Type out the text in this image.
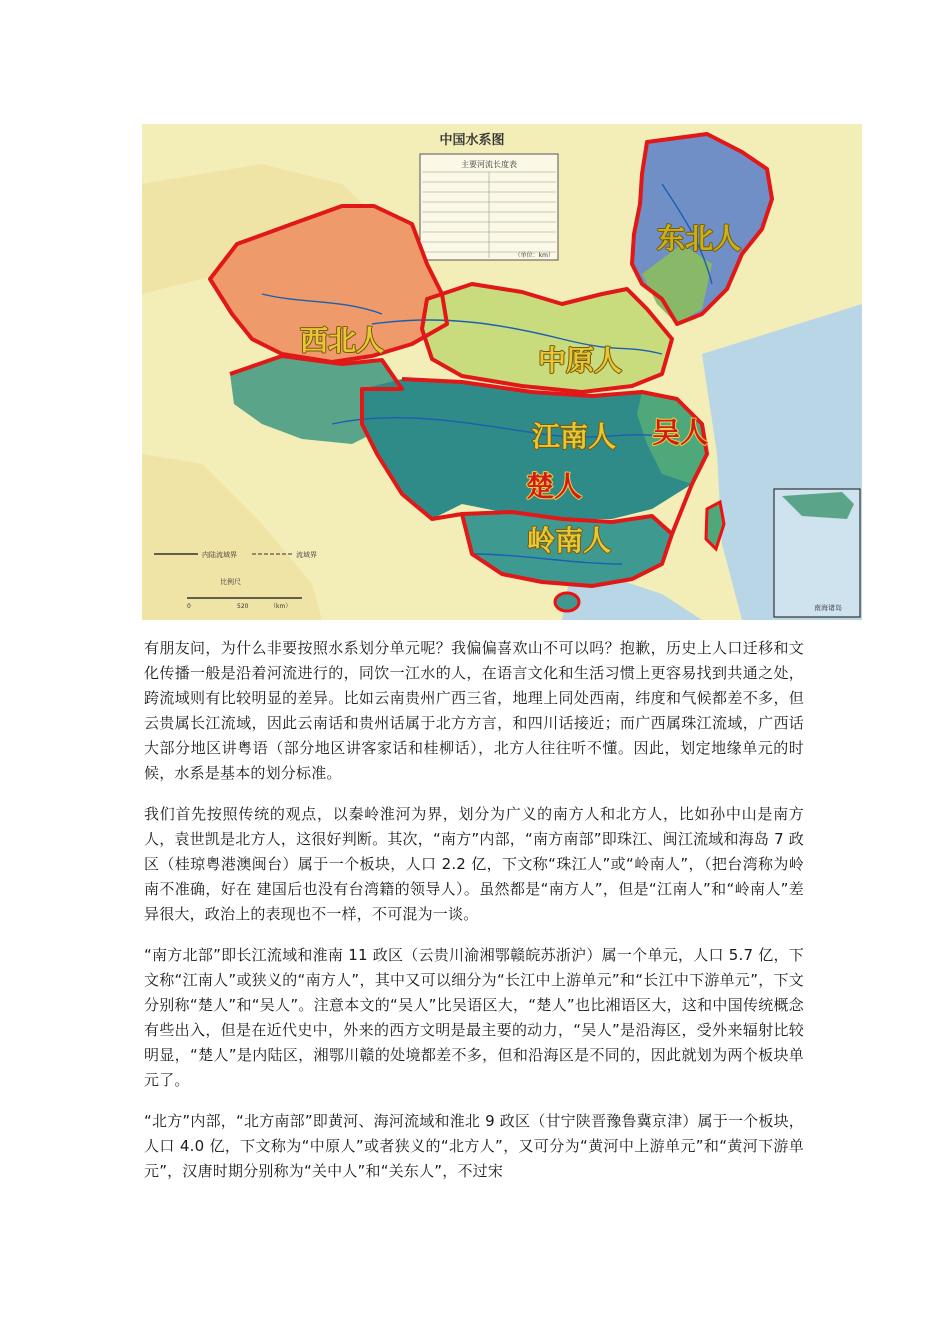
中国水系图
主要河流长度表
（单位：km）
南海诸岛
内陆流域界	流域界
比例尺
0	520	（km）
东北人
西北人
中原人
江南人 吴人
楚人
岭南人

有朋友问，为什么非要按照水系划分单元呢？我偏偏喜欢山不可以吗？抱歉，历史上人口迁移和文化传播一般是沿着河流进行的，同饮一江水的人，在语言文化和生活习惯上更容易找到共通之处，跨流域则有比较明显的差异。比如云南贵州广西三省，地理上同处西南，纬度和气候都差不多，但云贵属长江流域，因此云南话和贵州话属于北方方言，和四川话接近；而广西属珠江流域，广西话大部分地区讲粤语（部分地区讲客家话和桂柳话），北方人往往听不懂。因此，划定地缘单元的时候，水系是基本的划分标准。

我们首先按照传统的观点，以秦岭淮河为界，划分为广义的南方人和北方人，比如孙中山是南方人，袁世凯是北方人，这很好判断。其次，“南方”内部，“南方南部”即珠江、闽江流域和海岛 7 政区（桂琼粤港澳闽台）属于一个板块，人口 2.2 亿，下文称“珠江人”或“岭南人”，（把台湾称为岭南不准确，好在 建国后也没有台湾籍的领导人）。虽然都是“南方人”，但是“江南人”和“岭南人”差异很大，政治上的表现也不一样，不可混为一谈。

“南方北部”即长江流域和淮南 11 政区（云贵川渝湘鄂赣皖苏浙沪）属一个单元，人口 5.7 亿，下文称“江南人”或狭义的“南方人”，其中又可以细分为“长江中上游单元”和“长江中下游单元”，下文分别称“楚人”和“吴人”。注意本文的“吴人”比吴语区大，“楚人”也比湘语区大，这和中国传统概念有些出入，但是在近代史中，外来的西方文明是最主要的动力，“吴人”是沿海区，受外来辐射比较明显，“楚人”是内陆区，湘鄂川赣的处境都差不多，但和沿海区是不同的，因此就划为两个板块单元了。

“北方”内部，“北方南部”即黄河、海河流域和淮北 9 政区（甘宁陕晋豫鲁冀京津）属于一个板块，人口 4.0 亿，下文称为“中原人”或者狭义的“北方人”，又可分为“黄河中上游单元”和“黄河下游单元”，汉唐时期分别称为“关中人”和“关东人”，不过宋
